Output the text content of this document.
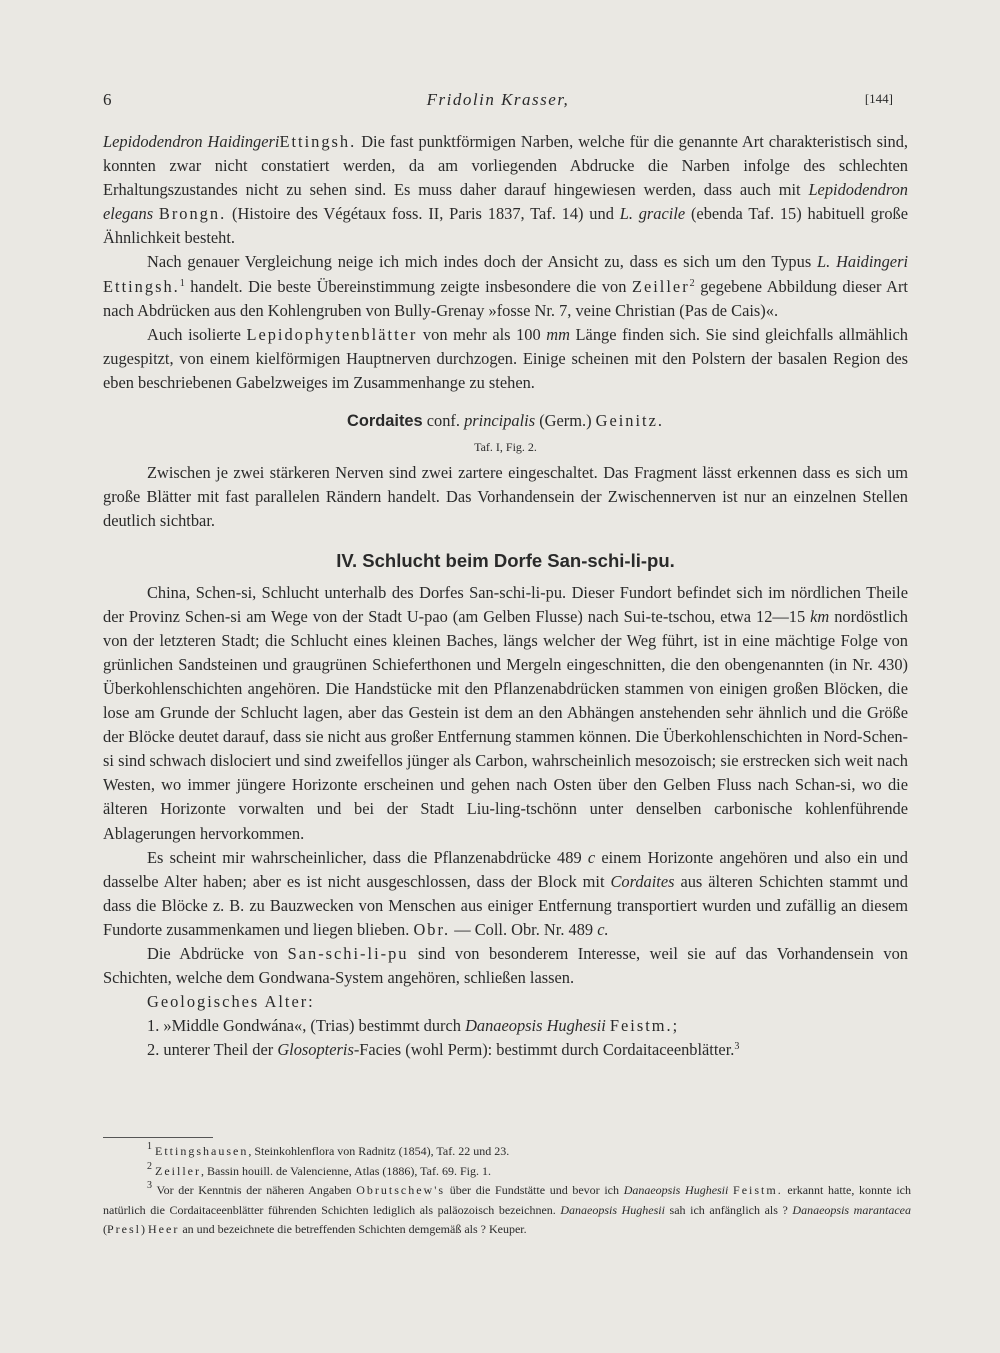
6	Fridolin Krasser,	[144]

Lepidodendron HaidingeriEttingsh. Die fast punktförmigen Narben, welche für die genannte Art charakteristisch sind, konnten zwar nicht constatiert werden, da am vorliegenden Abdrucke die Narben infolge des schlechten Erhaltungszustandes nicht zu sehen sind. Es muss daher darauf hingewiesen werden, dass auch mit Lepidodendron elegans Brongn. (Histoire des Végétaux foss. II, Paris 1837, Taf. 14) und L. gracile (ebenda Taf. 15) habituell große Ähnlichkeit besteht.

Nach genauer Vergleichung neige ich mich indes doch der Ansicht zu, dass es sich um den Typus L. Haidingeri Ettingsh.$^1$ handelt. Die beste Übereinstimmung zeigte insbesondere die von Zeiller$^2$ gegebene Abbildung dieser Art nach Abdrücken aus den Kohlengruben von Bully-Grenay »fosse Nr. 7, veine Christian (Pas de Cais)«.

Auch isolierte Lepidophytenblätter von mehr als 100 mm Länge finden sich. Sie sind gleichfalls allmählich zugespitzt, von einem kielförmigen Hauptnerven durchzogen. Einige scheinen mit den Polstern der basalen Region des eben beschriebenen Gabelzweiges im Zusammenhange zu stehen.

Cordaites conf. principalis (Germ.) Geinitz.
Taf. I, Fig. 2.

Zwischen je zwei stärkeren Nerven sind zwei zartere eingeschaltet. Das Fragment lässt erkennen dass es sich um große Blätter mit fast parallelen Rändern handelt. Das Vorhandensein der Zwischennerven ist nur an einzelnen Stellen deutlich sichtbar.

IV. Schlucht beim Dorfe San-schi-li-pu.

China, Schen-si, Schlucht unterhalb des Dorfes San-schi-li-pu. Dieser Fundort befindet sich im nördlichen Theile der Provinz Schen-si am Wege von der Stadt U-pao (am Gelben Flusse) nach Sui-te-tschou, etwa 12—15 km nordöstlich von der letzteren Stadt; die Schlucht eines kleinen Baches, längs welcher der Weg führt, ist in eine mächtige Folge von grünlichen Sandsteinen und graugrünen Schieferthonen und Mergeln eingeschnitten, die den obengenannten (in Nr. 430) Überkohlenschichten angehören. Die Handstücke mit den Pflanzenabdrücken stammen von einigen großen Blöcken, die lose am Grunde der Schlucht lagen, aber das Gestein ist dem an den Abhängen anstehenden sehr ähnlich und die Größe der Blöcke deutet darauf, dass sie nicht aus großer Entfernung stammen können. Die Überkohlenschichten in Nord-Schen-si sind schwach dislociert und sind zweifellos jünger als Carbon, wahrscheinlich mesozoisch; sie erstrecken sich weit nach Westen, wo immer jüngere Horizonte erscheinen und gehen nach Osten über den Gelben Fluss nach Schan-si, wo die älteren Horizonte vorwalten und bei der Stadt Liu-ling-tschönn unter denselben carbonische kohlenführende Ablagerungen hervorkommen.

Es scheint mir wahrscheinlicher, dass die Pflanzenabdrücke 489 c einem Horizonte angehören und also ein und dasselbe Alter haben; aber es ist nicht ausgeschlossen, dass der Block mit Cordaites aus älteren Schichten stammt und dass die Blöcke z. B. zu Bauzwecken von Menschen aus einiger Entfernung transportiert wurden und zufällig an diesem Fundorte zusammenkamen und liegen blieben. Obr. — Coll. Obr. Nr. 489 c.

Die Abdrücke von San-schi-li-pu sind von besonderem Interesse, weil sie auf das Vorhandensein von Schichten, welche dem Gondwana-System angehören, schließen lassen.

Geologisches Alter:

1. »Middle Gondwána«, (Trias) bestimmt durch Danaeopsis Hughesii Feistm.;

2. unterer Theil der Glosopteris-Facies (wohl Perm): bestimmt durch Cordaitaceenblätter.$^3$

$^1$ Ettingshausen, Steinkohlenflora von Radnitz (1854), Taf. 22 und 23.

$^2$ Zeiller, Bassin houill. de Valencienne, Atlas (1886), Taf. 69. Fig. 1.

$^3$ Vor der Kenntnis der näheren Angaben Obrutschew's über die Fundstätte und bevor ich Danaeopsis Hughesii Feistm. erkannt hatte, konnte ich natürlich die Cordaitaceenblätter führenden Schichten lediglich als paläozoisch bezeichnen. Danaeopsis Hughesii sah ich anfänglich als ? Danaeopsis marantacea (Presl) Heer an und bezeichnete die betreffenden Schichten demgemäß als ? Keuper.
